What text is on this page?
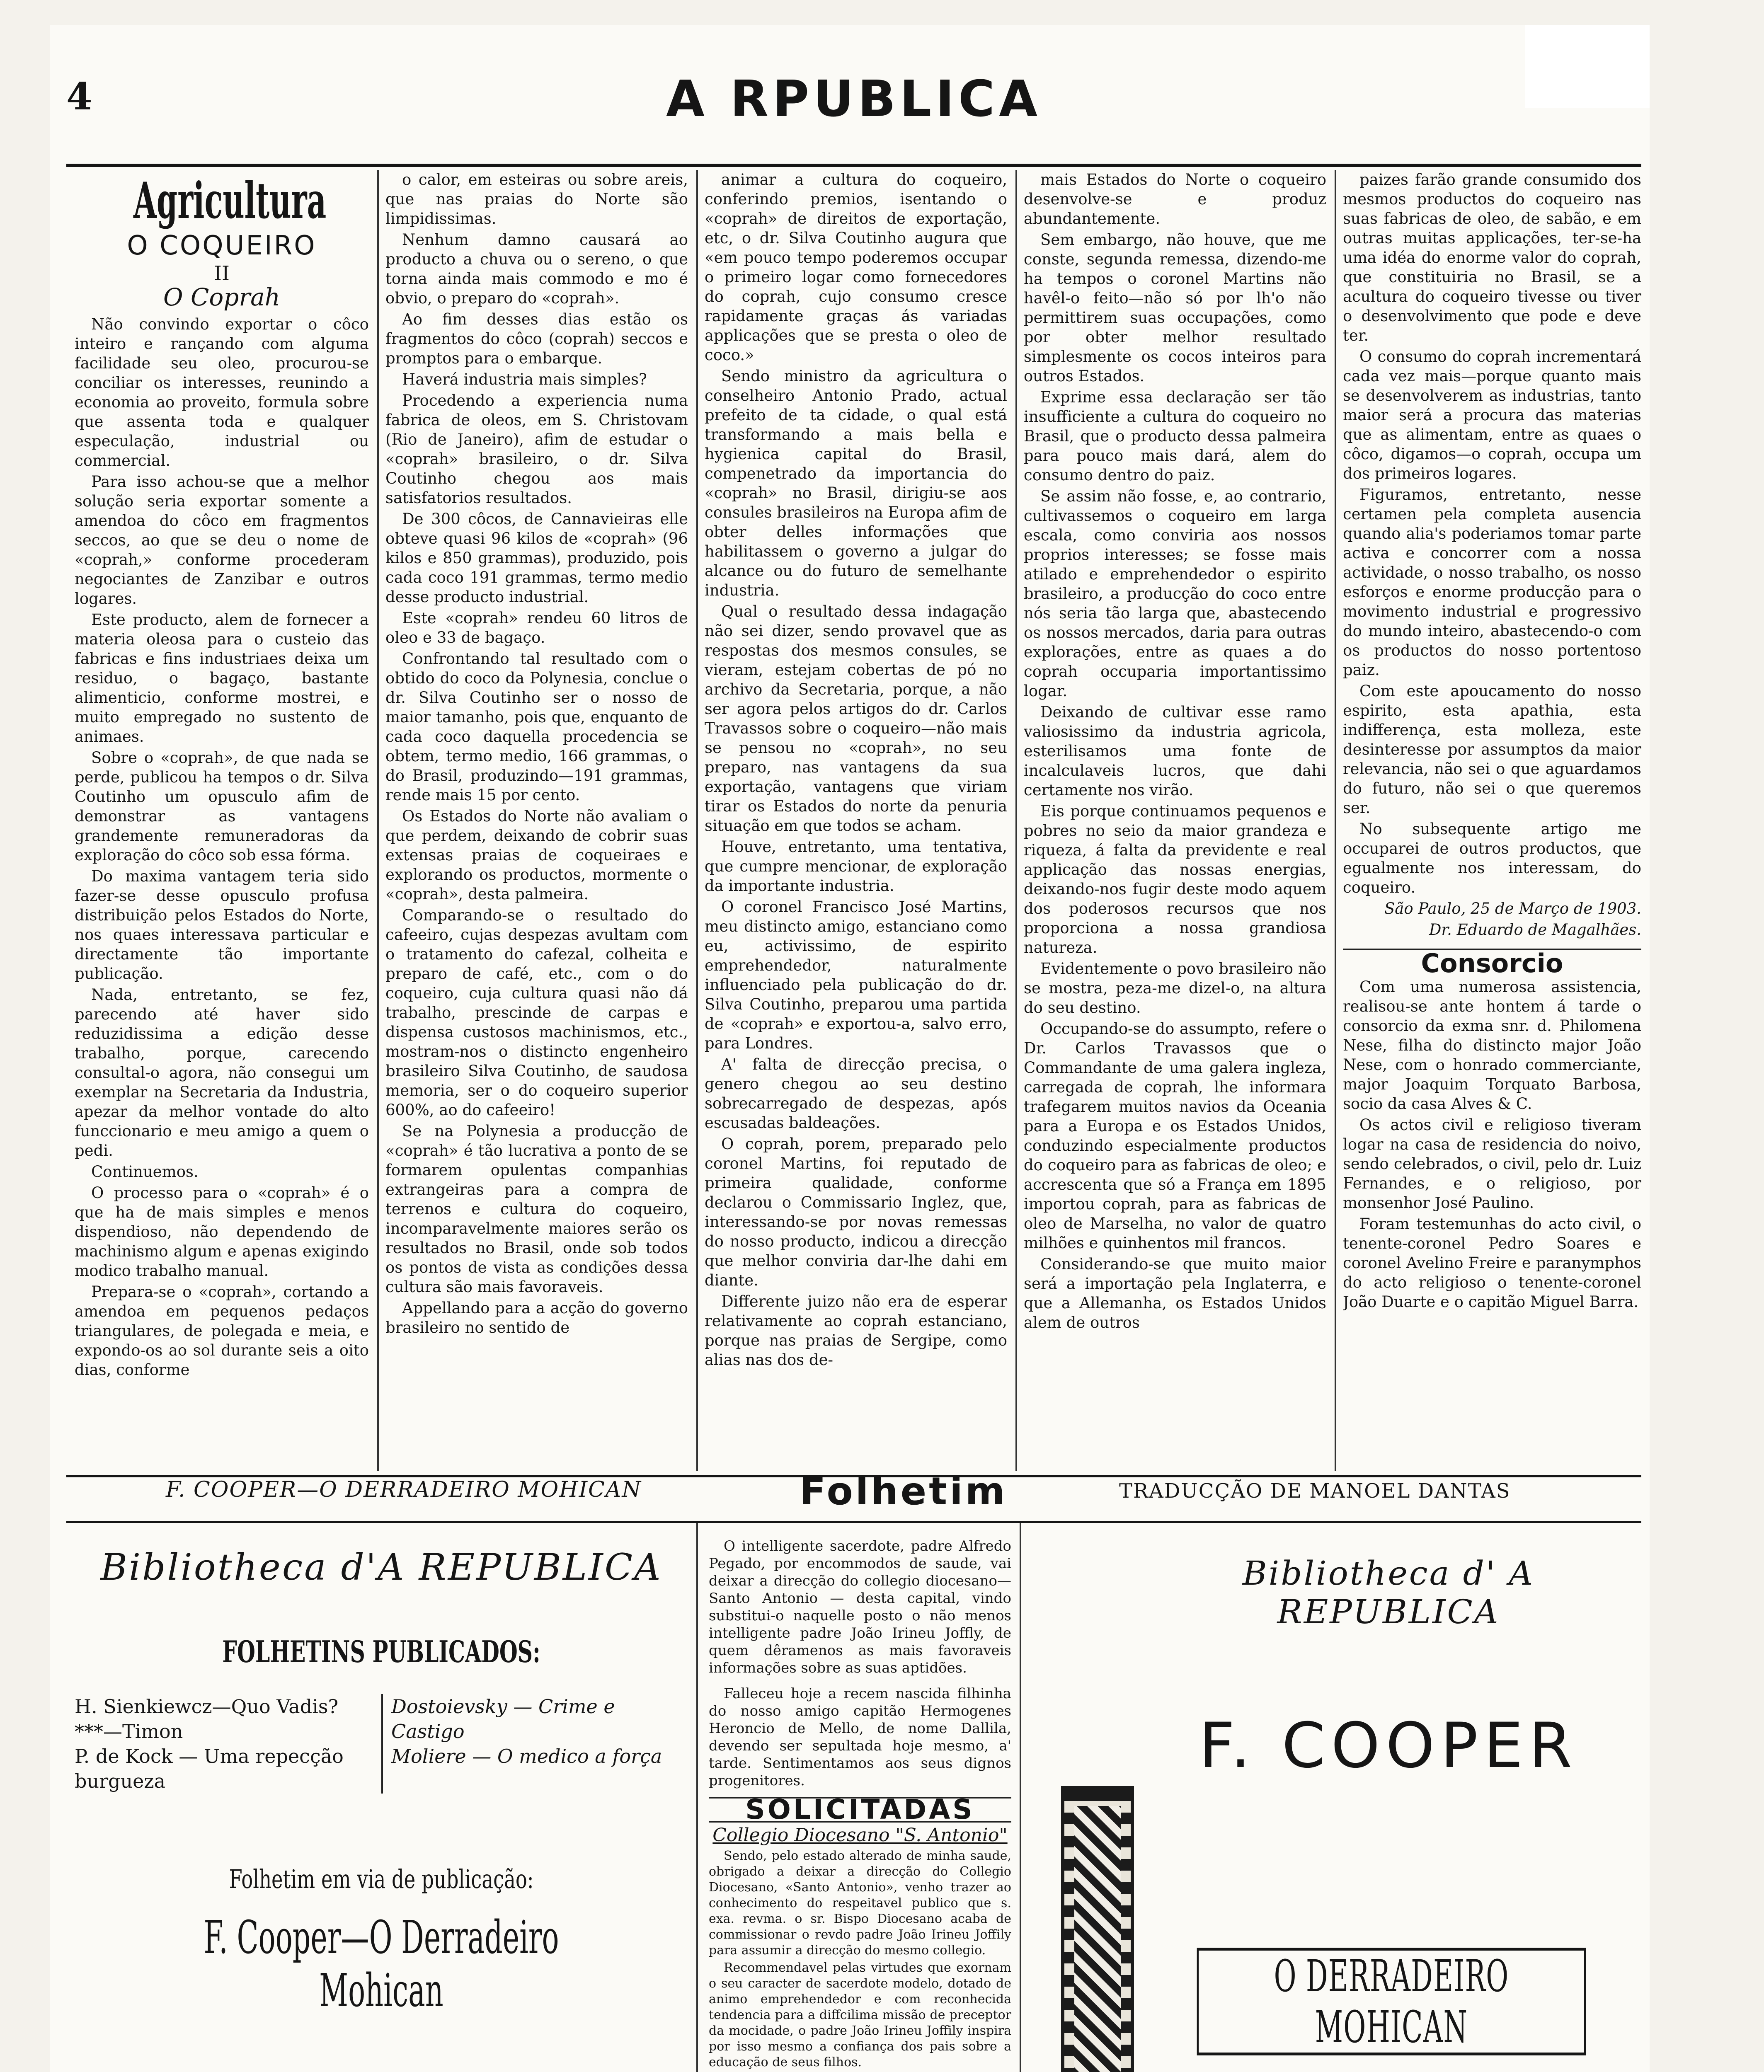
4	A RPUBLICA
Agricultura
O COQUEIRO
II
O Coprah

Não convindo exportar o côco inteiro e rançando com alguma facilidade seu oleo, procurou-se conciliar os interesses, reunindo a economia ao proveito, formula sobre que assenta toda e qualquer especulação, industrial ou commercial.

Para isso achou-se que a melhor solução seria exportar somente a amendoa do côco em fragmentos seccos, ao que se deu o nome de «coprah,» conforme procederam negociantes de Zanzibar e outros logares.

Este producto, alem de fornecer a materia oleosa para o custeio das fabricas e fins industriaes deixa um residuo, o bagaço, bastante alimenticio, conforme mostrei, e muito empregado no sustento de animaes.

Sobre o «coprah», de que nada se perde, publicou ha tempos o dr. Silva Coutinho um opusculo afim de demonstrar as vantagens grandemente remuneradoras da exploração do côco sob essa fórma.

Do maxima vantagem teria sido fazer-se desse opusculo profusa distribuição pelos Estados do Norte, nos quaes interessava particular e directamente tão importante publicação.

Nada, entretanto, se fez, parecendo até haver sido reduzidissima a edição desse trabalho, porque, carecendo consultal-o agora, não consegui um exemplar na Secretaria da Industria, apezar da melhor vontade do alto funccionario e meu amigo a quem o pedi.

Continuemos.

O processo para o «coprah» é o que ha de mais simples e menos dispendioso, não dependendo de machinismo algum e apenas exigindo modico trabalho manual.

Prepara-se o «coprah», cortando a amendoa em pequenos pedaços triangulares, de polegada e meia, e expondo-os ao sol durante seis a oito dias, conforme

o calor, em esteiras ou sobre areis, que nas praias do Norte são limpidissimas.

Nenhum damno causará ao producto a chuva ou o sereno, o que torna ainda mais commodo e mo é obvio, o preparo do «coprah».

Ao fim desses dias estão os fragmentos do côco (coprah) seccos e promptos para o embarque.

Haverá industria mais simples?

Procedendo a experiencia numa fabrica de oleos, em S. Christovam (Rio de Janeiro), afim de estudar o «coprah» brasileiro, o dr. Silva Coutinho chegou aos mais satisfatorios resultados.

De 300 côcos, de Cannavieiras elle obteve quasi 96 kilos de «coprah» (96 kilos e 850 grammas), produzido, pois cada coco 191 grammas, termo medio desse producto industrial.

Este «coprah» rendeu 60 litros de oleo e 33 de bagaço.

Confrontando tal resultado com o obtido do coco da Polynesia, conclue o dr. Silva Coutinho ser o nosso de maior tamanho, pois que, enquanto de cada coco daquella procedencia se obtem, termo medio, 166 grammas, o do Brasil, produzindo—191 grammas, rende mais 15 por cento.

Os Estados do Norte não avaliam o que perdem, deixando de cobrir suas extensas praias de coqueiraes e explorando os productos, mormente o «coprah», desta palmeira.

Comparando-se o resultado do cafeeiro, cujas despezas avultam com o tratamento do cafezal, colheita e preparo de café, etc., com o do coqueiro, cuja cultura quasi não dá trabalho, prescinde de carpas e dispensa custosos machinismos, etc., mostram-nos o distincto engenheiro brasileiro Silva Coutinho, de saudosa memoria, ser o do coqueiro superior 600%, ao do cafeeiro!

Se na Polynesia a producção de «coprah» é tão lucrativa a ponto de se formarem opulentas companhias extrangeiras para a compra de terrenos e cultura do coqueiro, incomparavelmente maiores serão os resultados no Brasil, onde sob todos os pontos de vista as condições dessa cultura são mais favoraveis.

Appellando para a acção do governo brasileiro no sentido de

animar a cultura do coqueiro, conferindo premios, isentando o «coprah» de direitos de exportação, etc, o dr. Silva Coutinho augura que «em pouco tempo poderemos occupar o primeiro logar como fornecedores do coprah, cujo consumo cresce rapidamente graças ás variadas applicações que se presta o oleo de coco.»

Sendo ministro da agricultura o conselheiro Antonio Prado, actual prefeito de ta cidade, o qual está transformando a mais bella e hygienica capital do Brasil, compenetrado da importancia do «coprah» no Brasil, dirigiu-se aos consules brasileiros na Europa afim de obter delles informações que habilitassem o governo a julgar do alcance ou do futuro de semelhante industria.

Qual o resultado dessa indagação não sei dizer, sendo provavel que as respostas dos mesmos consules, se vieram, estejam cobertas de pó no archivo da Secretaria, porque, a não ser agora pelos artigos do dr. Carlos Travassos sobre o coqueiro—não mais se pensou no «coprah», no seu preparo, nas vantagens da sua exportação, vantagens que viriam tirar os Estados do norte da penuria situação em que todos se acham.

Houve, entretanto, uma tentativa, que cumpre mencionar, de exploração da importante industria.

O coronel Francisco José Martins, meu distincto amigo, estanciano como eu, activissimo, de espirito emprehendedor, naturalmente influenciado pela publicação do dr. Silva Coutinho, preparou uma partida de «coprah» e exportou-a, salvo erro, para Londres.

A' falta de direcção precisa, o genero chegou ao seu destino sobrecarregado de despezas, após escusadas baldeações.

O coprah, porem, preparado pelo coronel Martins, foi reputado de primeira qualidade, conforme declarou o Commissario Inglez, que, interessando-se por novas remessas do nosso producto, indicou a direcção que melhor conviria dar-lhe dahi em diante.

Differente juizo não era de esperar relativamente ao coprah estanciano, porque nas praias de Sergipe, como alias nas dos de-

mais Estados do Norte o coqueiro desenvolve-se e produz abundantemente.

Sem embargo, não houve, que me conste, segunda remessa, dizendo-me ha tempos o coronel Martins não havêl-o feito—não só por lh'o não permittirem suas occupações, como por obter melhor resultado simplesmente os cocos inteiros para outros Estados.

Exprime essa declaração ser tão insufficiente a cultura do coqueiro no Brasil, que o producto dessa palmeira para pouco mais dará, alem do consumo dentro do paiz.

Se assim não fosse, e, ao contrario, cultivassemos o coqueiro em larga escala, como conviria aos nossos proprios interesses; se fosse mais atilado e emprehendedor o espirito brasileiro, a producção do coco entre nós seria tão larga que, abastecendo os nossos mercados, daria para outras explorações, entre as quaes a do coprah occuparia importantissimo logar.

Deixando de cultivar esse ramo valiosissimo da industria agricola, esterilisamos uma fonte de incalculaveis lucros, que dahi certamente nos virão.

Eis porque continuamos pequenos e pobres no seio da maior grandeza e riqueza, á falta da previdente e real applicação das nossas energias, deixando-nos fugir deste modo aquem dos poderosos recursos que nos proporciona a nossa grandiosa natureza.

Evidentemente o povo brasileiro não se mostra, peza-me dizel-o, na altura do seu destino.

Occupando-se do assumpto, refere o Dr. Carlos Travassos que o Commandante de uma galera ingleza, carregada de coprah, lhe informara trafegarem muitos navios da Oceania para a Europa e os Estados Unidos, conduzindo especialmente productos do coqueiro para as fabricas de oleo; e accrescenta que só a França em 1895 importou coprah, para as fabricas de oleo de Marselha, no valor de quatro milhões e quinhentos mil francos.

Considerando-se que muito maior será a importação pela Inglaterra, e que a Allemanha, os Estados Unidos alem de outros

paizes farão grande consumido dos mesmos productos do coqueiro nas suas fabricas de oleo, de sabão, e em outras muitas applicações, ter-se-ha uma idéa do enorme valor do coprah, que constituiria no Brasil, se a acultura do coqueiro tivesse ou tiver o desenvolvimento que pode e deve ter.

O consumo do coprah incrementará cada vez mais—porque quanto mais se desenvolverem as industrias, tanto maior será a procura das materias que as alimentam, entre as quaes o côco, digamos—o coprah, occupa um dos primeiros logares.

Figuramos, entretanto, nesse certamen pela completa ausencia quando alia's poderiamos tomar parte activa e concorrer com a nossa actividade, o nosso trabalho, os nosso esforços e enorme producção para o movimento industrial e progressivo do mundo inteiro, abastecendo-o com os productos do nosso portentoso paiz.

Com este apoucamento do nosso espirito, esta apathia, esta indifferença, esta molleza, este desinteresse por assumptos da maior relevancia, não sei o que aguardamos do futuro, não sei o que queremos ser.

No subsequente artigo me occuparei de outros productos, que egualmente nos interessam, do coqueiro.

São Paulo, 25 de Março de 1903.

Dr. Eduardo de Magalhães.

Consorcio

Com uma numerosa assistencia, realisou-se ante hontem á tarde o consorcio da exma snr. d. Philomena Nese, filha do distincto major João Nese, com o honrado commerciante, major Joaquim Torquato Barbosa, socio da casa Alves & C.

Os actos civil e religioso tiveram logar na casa de residencia do noivo, sendo celebrados, o civil, pelo dr. Luiz Fernandes, e o religioso, por monsenhor José Paulino.

Foram testemunhas do acto civil, o tenente-coronel Pedro Soares e coronel Avelino Freire e paranymphos do acto religioso o tenente-coronel João Duarte e o capitão Miguel Barra.

F. COOPER—O DERRADEIRO MOHICAN	Folhetim	TRADUCÇÃO DE MANOEL DANTAS
Bibliotheca d'A REPUBLICA
FOLHETINS PUBLICADOS:
H. Sienkiewcz—Quo Vadis?
***—Timon
P. de Kock — Uma repecção burgueza
Dostoievsky — Crime e Castigo
Moliere — O medico a força
Folhetim em via de publicação:
F. Cooper—O Derradeiro Mohican

O intelligente sacerdote, padre Alfredo Pegado, por encommodos de saude, vai deixar a direcção do collegio diocesano—Santo Antonio — desta capital, vindo substitui-o naquelle posto o não menos intelligente padre João Irineu Joffly, de quem dêramenos as mais favoraveis informações sobre as suas aptidões.

Falleceu hoje a recem nascida filhinha do nosso amigo capitão Hermogenes Heroncio de Mello, de nome Dallila, devendo ser sepultada hoje mesmo, a' tarde. Sentimentamos aos seus dignos progenitores.

SOLICITADAS
Collegio Diocesano "S. Antonio"

Sendo, pelo estado alterado de minha saude, obrigado a deixar a direcção do Collegio Diocesano, «Santo Antonio», venho trazer ao conhecimento do respeitavel publico que s. exa. revma. o sr. Bispo Diocesano acaba de commissionar o revdo padre João Irineu Joffily para assumir a direcção do mesmo collegio.

Recommendavel pelas virtudes que exornam o seu caracter de sacerdote modelo, dotado de animo emprehendedor e com reconhecida tendencia para a diffcilima missão de preceptor da mocidade, o padre João Irineu Joffily inspira por isso mesmo a confiança dos pais sobre a educação de seus filhos.

Bibliotheca d' A REPUBLICA
F. COOPER
O DERRADEIRO MOHICAN
